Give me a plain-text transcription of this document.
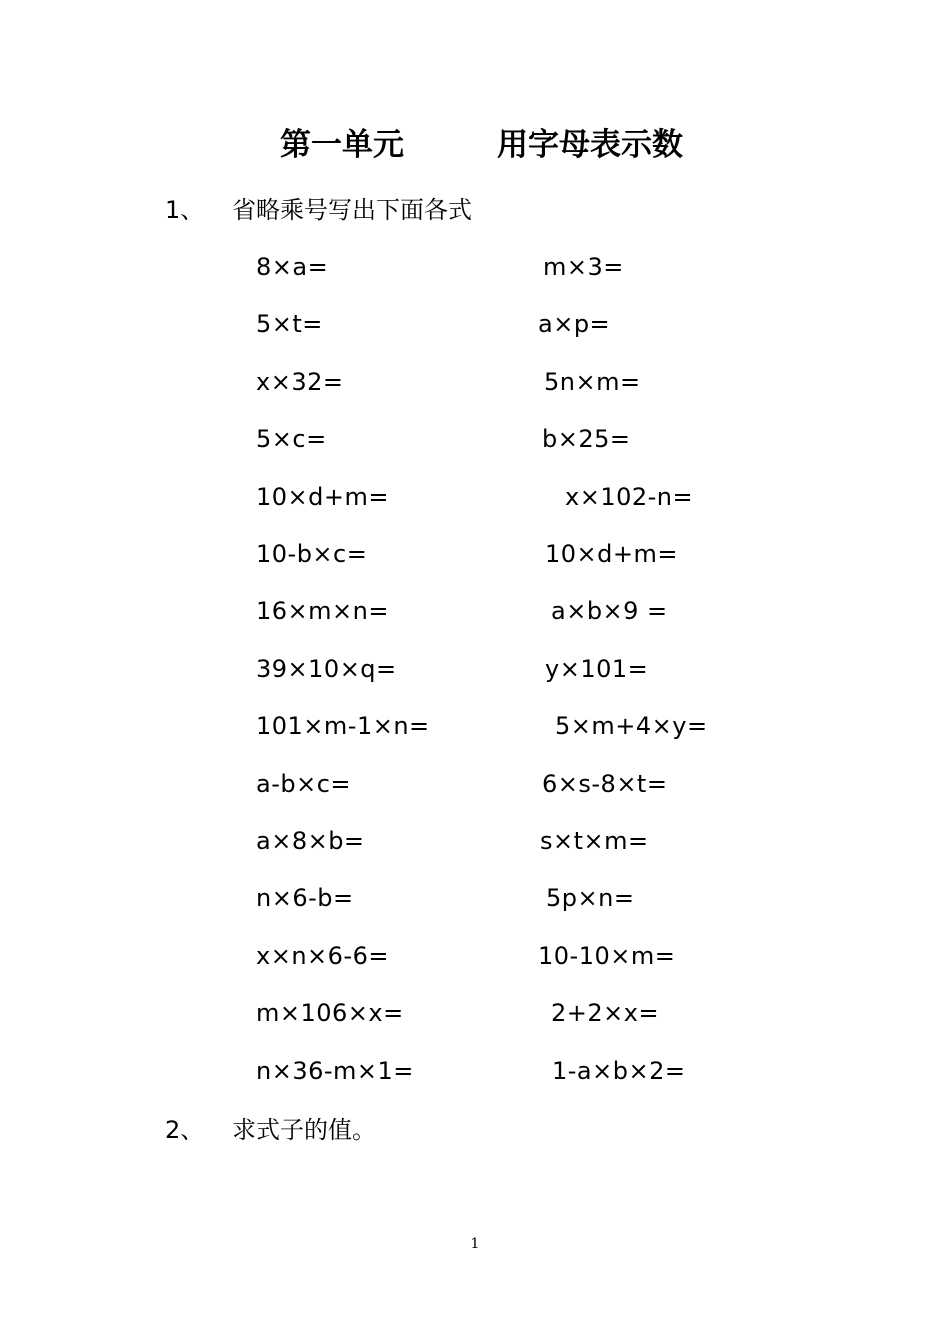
第一单元	用字母表示数
1、 省略乘号写出下面各式
8×a=	m×3=
5×t=	a×p=
x×32=	5n×m=
5×c=	b×25=
10×d+m=	x×102-n=
10-b×c=	10×d+m=
16×m×n=	a×b×9 =
39×10×q=	y×101=
101×m-1×n=	5×m+4×y=
a-b×c=	6×s-8×t=
a×8×b=	s×t×m=
n×6-b=	5p×n=
x×n×6-6=	10-10×m=
m×106×x=	2+2×x=
n×36-m×1=	1-a×b×2=
2、 求式子的值。
1
